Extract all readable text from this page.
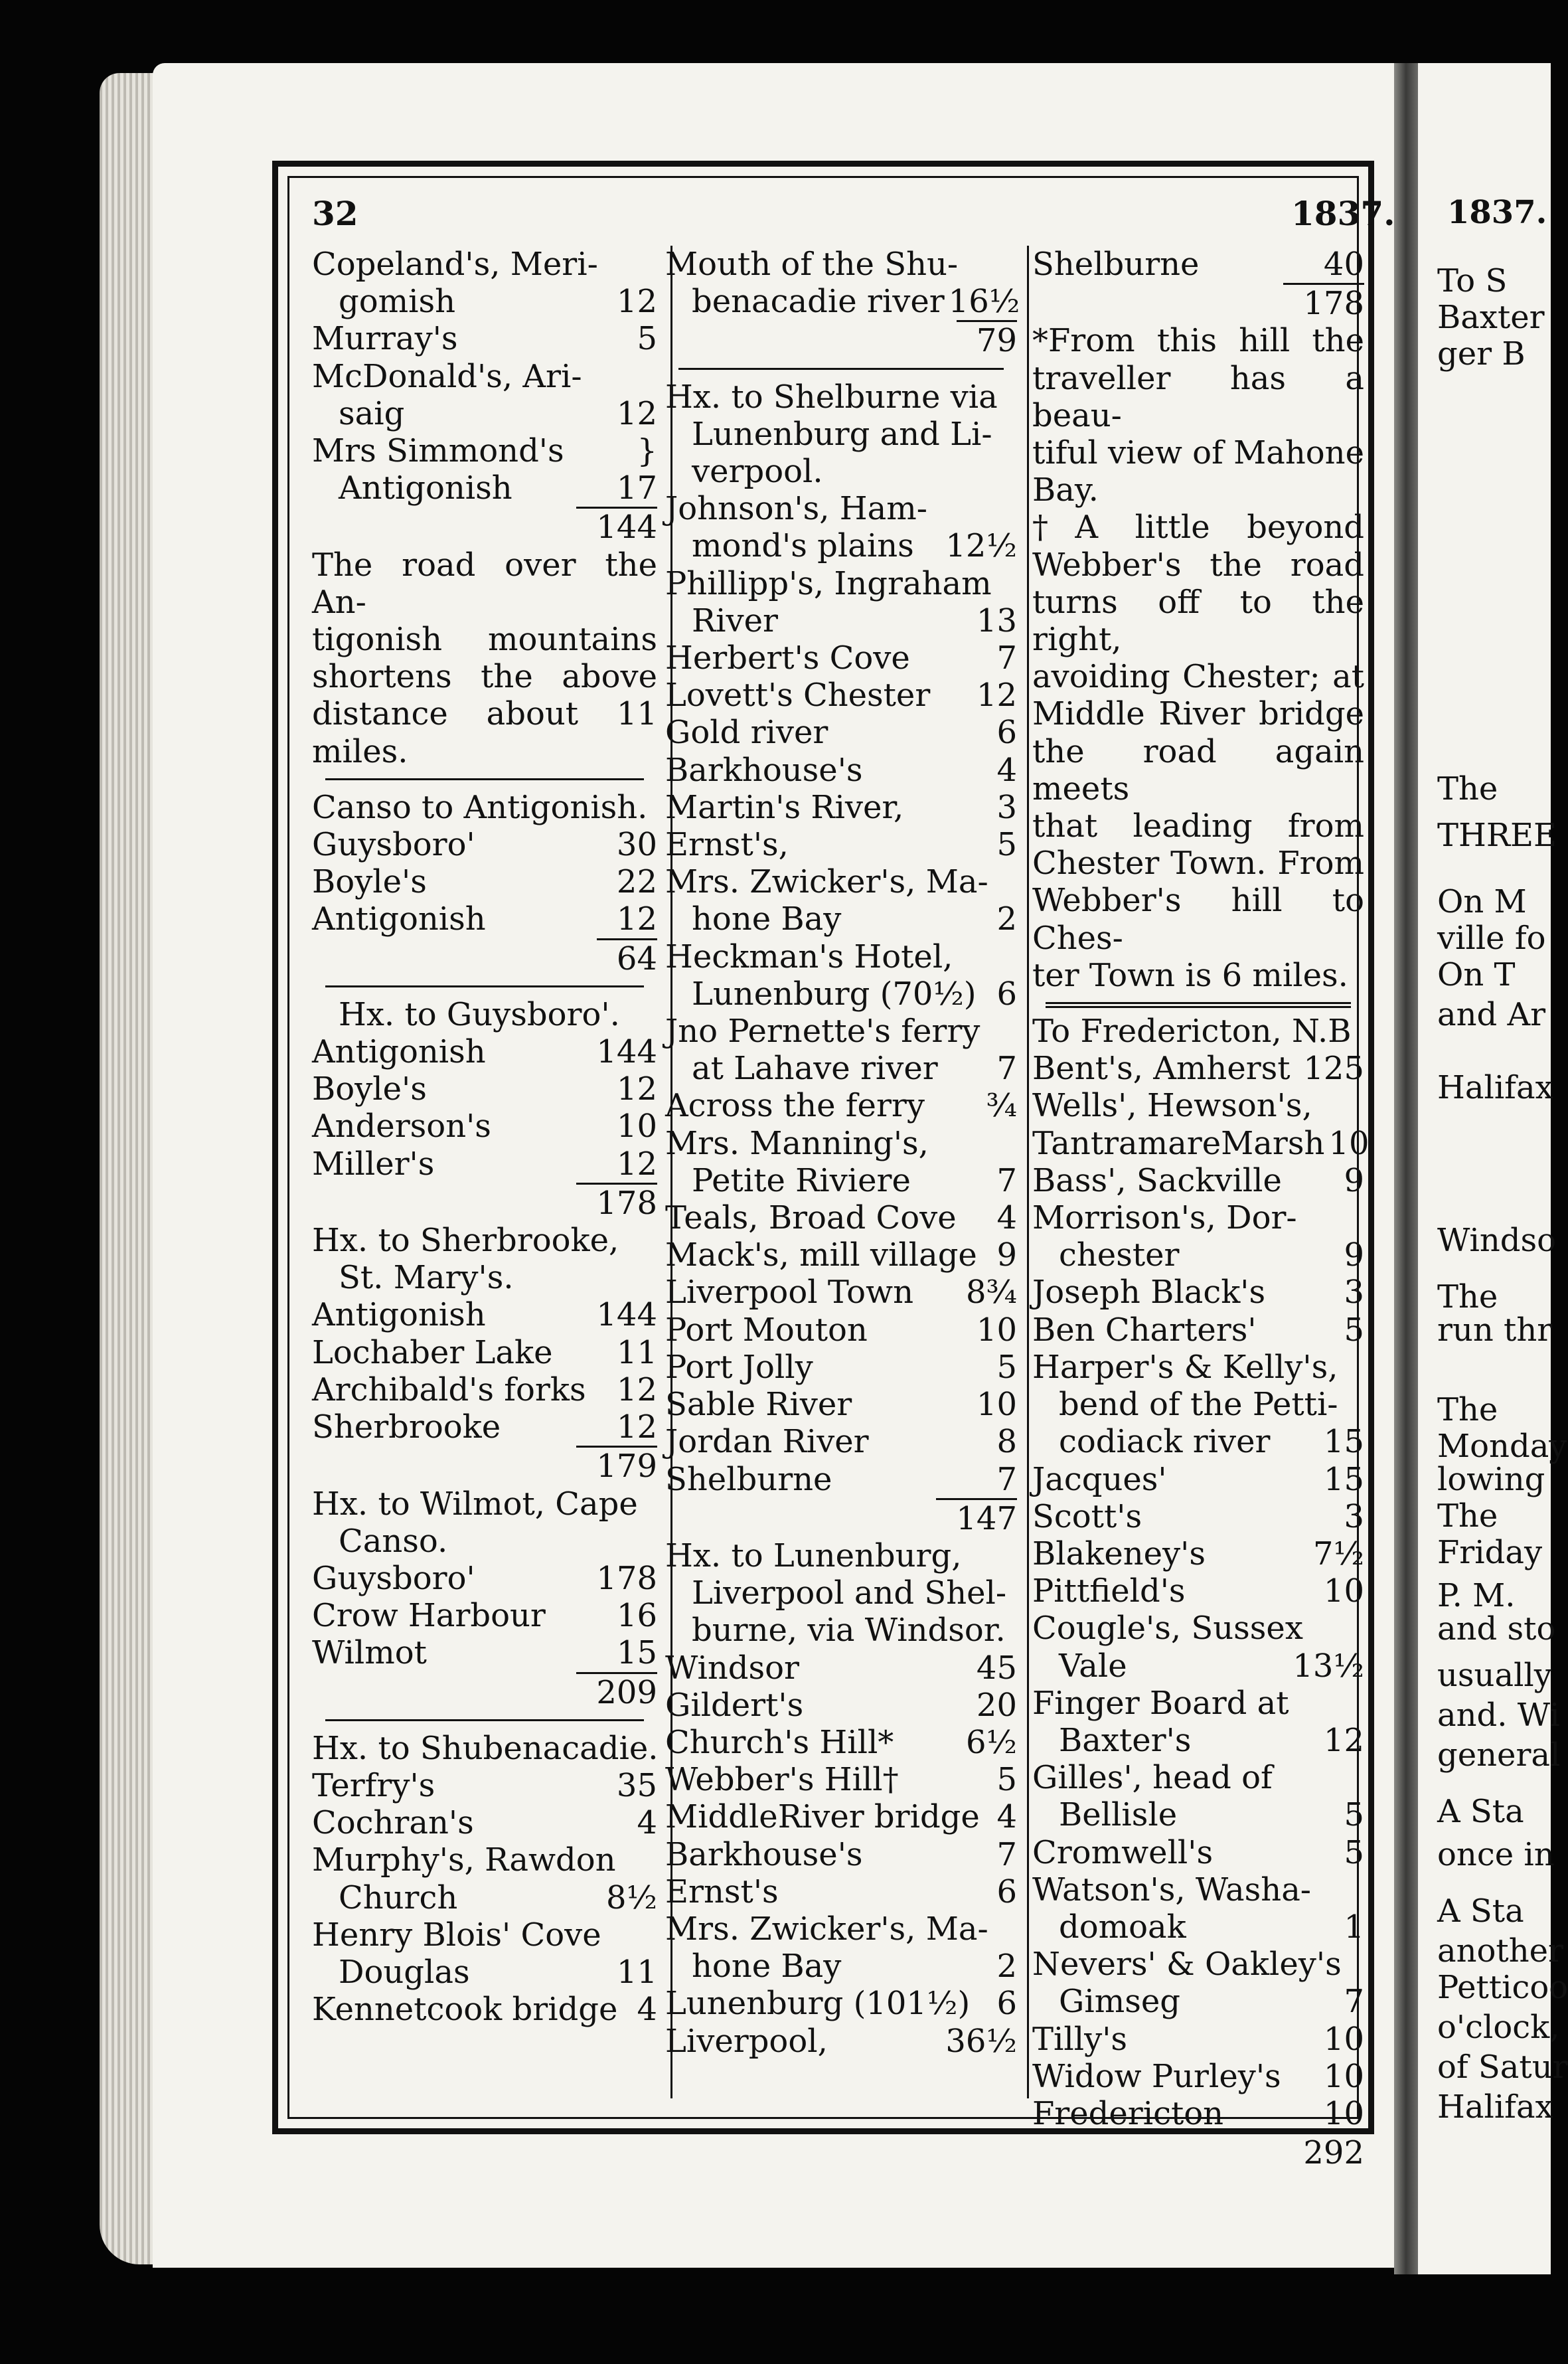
32	1837.
Copeland's, Meri-
gomish	12
Murray's	5
McDonald's, Ari-
saig	12
Mrs Simmond's }
Antigonish	17
144
The road over the An-
tigonish mountains
shortens the above
distance about 11
miles.
Canso to Antigonish.
Guysboro'	30
Boyle's	22
Antigonish	12
64
Hx. to Guysboro'.
Antigonish	144
Boyle's	12
Anderson's	10
Miller's	12
178
Hx. to Sherbrooke,
St. Mary's.
Antigonish	144
Lochaber Lake 11
Archibald's forks 12
Sherbrooke	12
179
Hx. to Wilmot, Cape
Canso.
Guysboro'	178
Crow Harbour 16
Wilmot	15
209
Hx. to Shubenacadie.
Terfry's	35
Cochran's	4
Murphy's, Rawdon
Church	8½
Henry Blois' Cove
Douglas	11
Kennetcook bridge 4
Mouth of the Shu-
benacadie river 16½
79
Hx. to Shelburne via
Lunenburg and Li-
verpool.
Johnson's, Ham-
mond's plains 12½
Phillipp's, Ingraham
River	13
Herbert's Cove	7
Lovett's Chester 12
Gold river	6
Barkhouse's	4
Martin's River,	3
Ernst's,	5
Mrs. Zwicker's, Ma-
hone Bay	2
Heckman's Hotel,
Lunenburg (70½) 6
Jno Pernette's ferry
at Lahave river 7
Across the ferry ¾
Mrs. Manning's,
Petite Riviere	7
Teals, Broad Cove 4
Mack's, mill village 9
Liverpool Town 8¾
Port Mouton	10
Port Jolly	5
Sable River	10
Jordan River	8
Shelburne	7
147
Hx. to Lunenburg,
Liverpool and Shel-
burne, via Windsor.
Windsor	45
Gildert's	20
Church's Hill* 6½
Webber's Hill†	5
MiddleRiver bridge 4
Barkhouse's	7
Ernst's	6
Mrs. Zwicker's, Ma-
hone Bay	2
Lunenburg (101½) 6
Liverpool,	36½
Shelburne	40
178
*From this hill the
traveller has a beau-
tiful view of Mahone
Bay.
†A little beyond
Webber's the road
turns off to the right,
avoiding Chester; at
Middle River bridge
the road again meets
that leading from
Chester Town. From
Webber's hill to Ches-
ter Town is 6 miles.
To Fredericton, N.B
Bent's, Amherst 125
Wells', Hewson's,
TantramareMarsh 10
Bass', Sackville 9
Morrison's, Dor-
chester	9
Joseph Black's 3
Ben Charters'	5
Harper's & Kelly's,
bend of the Petti-
codiack river 15
Jacques'	15
Scott's	3
Blakeney's	7½
Pittfield's	10
Cougle's, Sussex
Vale	13½
Finger Board at
Baxter's	12
Gilles', head of
Bellisle	5
Cromwell's	5
Watson's, Washa-
domoak	1
Nevers' & Oakley's
Gimseg	7
Tilly's	10
Widow Purley's 10
Fredericton	10
292
1837.
To S
Baxter
ger B
The
THREE
On M
ville fo
On T
and Ar
Halifax
Windso
The
run thr
The
Monday
lowing
The
Friday
P. M.
and sto
usually
and. Wi
general
A Sta
once in
A Sta
another
Petticoo
o'clock,
of Satur
Halifax
